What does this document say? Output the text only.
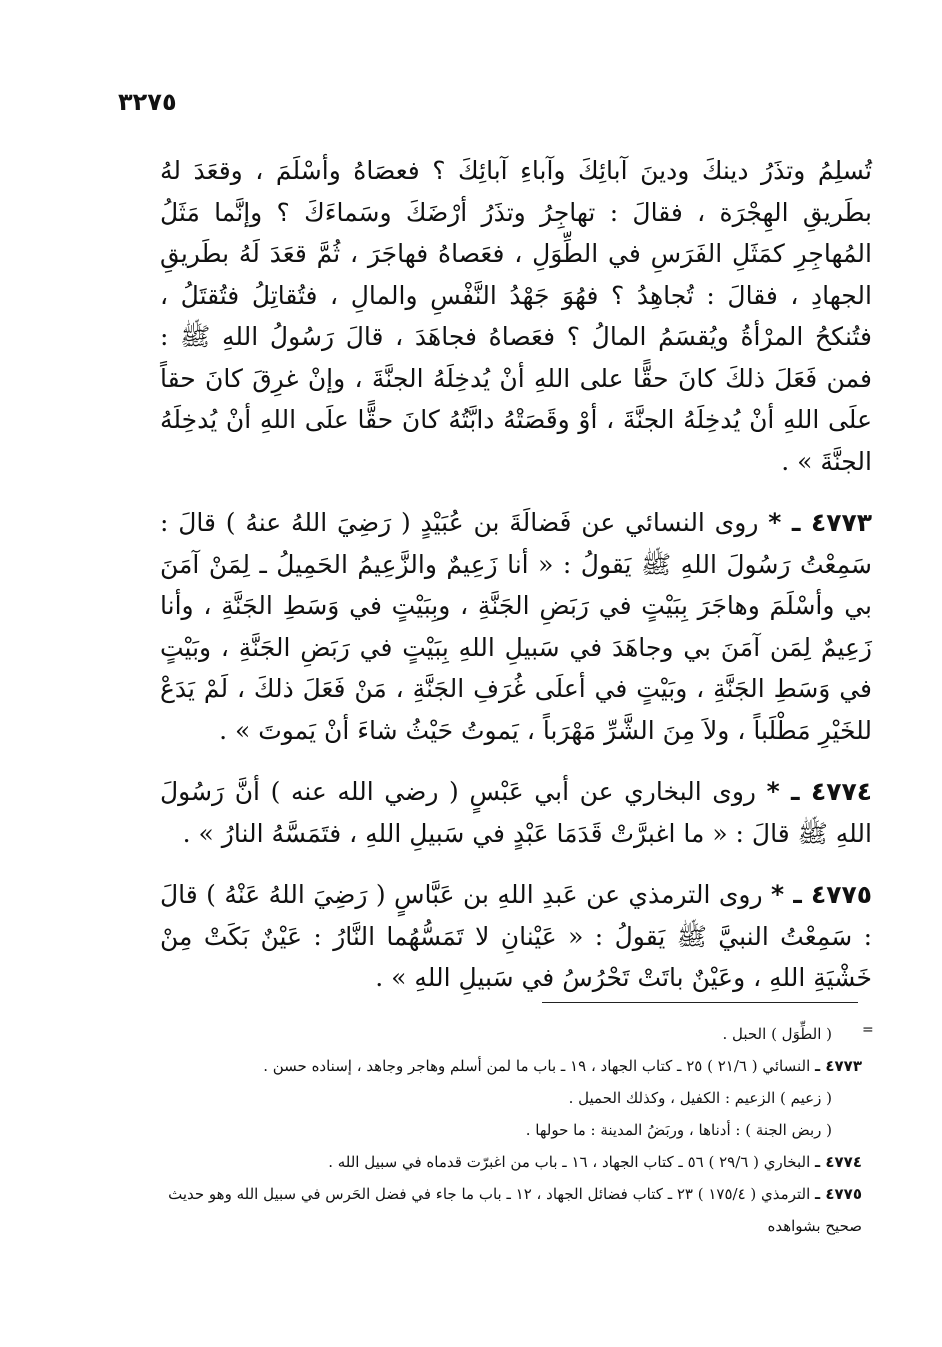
٣٢٧٥

تُسلِمُ وتذَرُ دينكَ ودينَ آبائِكَ وآباءِ آبائِكَ ؟ فعصَاهُ وأسْلَمَ ، وقعَدَ لهُ بطَريقِ الهِجْرَة ، فقالَ : تهاجِرُ وتذَرُ أرْضَكَ وسَماءَكَ ؟ وإنَّما مَثَلُ المُهاجِرِ كمَثَلِ الفَرَسِ في الطِّوَلِ ، فعَصاهُ فهاجَرَ ، ثُمَّ قعَدَ لَهُ بطَريقِ الجهادِ ، فقالَ : تُجاهِدُ ؟ فهُوَ جَهْدُ النَّفْسِ والمالِ ، فتُقاتِلُ فتُقتَلُ ، فتُنكحُ المرْأةُ ويُقسَمُ المالُ ؟ فعَصاهُ فجاهَدَ ، قالَ رَسُولُ اللهِ ﷺ : فمن فَعَلَ ذلكَ كانَ حقًّا على اللهِ أنْ يُدخِلَهُ الجنَّةَ ، وإنْ غرِقَ كانَ حقاً علَى اللهِ أنْ يُدخِلَهُ الجنَّةَ ، أوْ وقَصَتْهُ دابَّتُهُ كانَ حقًّا علَى اللهِ أنْ يُدخِلَهُ الجنَّةَ » .

٤٧٧٣ ـ * روى النسائي عن فَضالَةَ بن عُبَيْدٍ ( رَضِيَ اللهُ عنهُ ) قالَ : سَمِعْتُ رَسُولَ اللهِ ﷺ يَقولُ : « أنا زَعِيمٌ والزَّعِيمُ الحَمِيلُ ـ لِمَنْ آمَنَ بي وأسْلَمَ وهاجَرَ بِبَيْتٍ في رَبَضِ الجَنَّةِ ، وبِبَيْتٍ في وَسَطِ الجَنَّةِ ، وأنا زَعِيمٌ لِمَن آمَنَ بي وجاهَدَ في سَبيلِ اللهِ بِبَيْتٍ في رَبَضِ الجَنَّةِ ، وبَيْتٍ في وَسَطِ الجَنَّةِ ، وبَيْتٍ في أعلَى غُرَفِ الجَنَّةِ ، مَنْ فَعَلَ ذلكَ ، لَمْ يَدَعْ للخَيْرِ مَطْلَباً ، ولاَ مِنَ الشَّرِّ مَهْرَباً ، يَموتُ حَيْثُ شاءَ أنْ يَموتَ » .

٤٧٧٤ ـ * روى البخاري عن أبي عَبْسٍ ( رضي الله عنه ) أنَّ رَسُولَ اللهِ ﷺ قالَ : « ما اغبرَّتْ قَدَمَا عَبْدٍ في سَبيلِ اللهِ ، فتَمَسَّهُ النارُ » .

٤٧٧٥ ـ * روى الترمذي عن عَبدِ اللهِ بن عَبَّاسٍ ( رَضِيَ اللهُ عَنْهُ ) قالَ : سَمِعْتُ النبيَّ ﷺ يَقولُ : « عَيْنانِ لا تَمَسُّهُما النَّارُ : عَيْنٌ بَكَتْ مِنْ خَشْيَةِ اللهِ ، وعَيْنٌ باتَتْ تَحْرُسُ في سَبيلِ اللهِ » .

=

( الطِّوَل ) الحبل .

٤٧٧٣ ـ النسائي ( ٢١/٦ ) ٢٥ ـ كتاب الجهاد ، ١٩ ـ باب ما لمن أسلم وهاجر وجاهد ، إسناده حسن .

( زعيم ) الزعيم : الكفيل ، وكذلك الحميل .

( ربض الجنة ) : أدناها ، وربَضُ المدينة : ما حولها .

٤٧٧٤ ـ البخاري ( ٢٩/٦ ) ٥٦ ـ كتاب الجهاد ، ١٦ ـ باب من اغبرّت قدماه في سبيل الله .

٤٧٧٥ ـ الترمذي ( ١٧٥/٤ ) ٢٣ ـ كتاب فضائل الجهاد ، ١٢ ـ باب ما جاء في فضل الحَرس في سبيل الله وهو حديث صحيح بشواهده
